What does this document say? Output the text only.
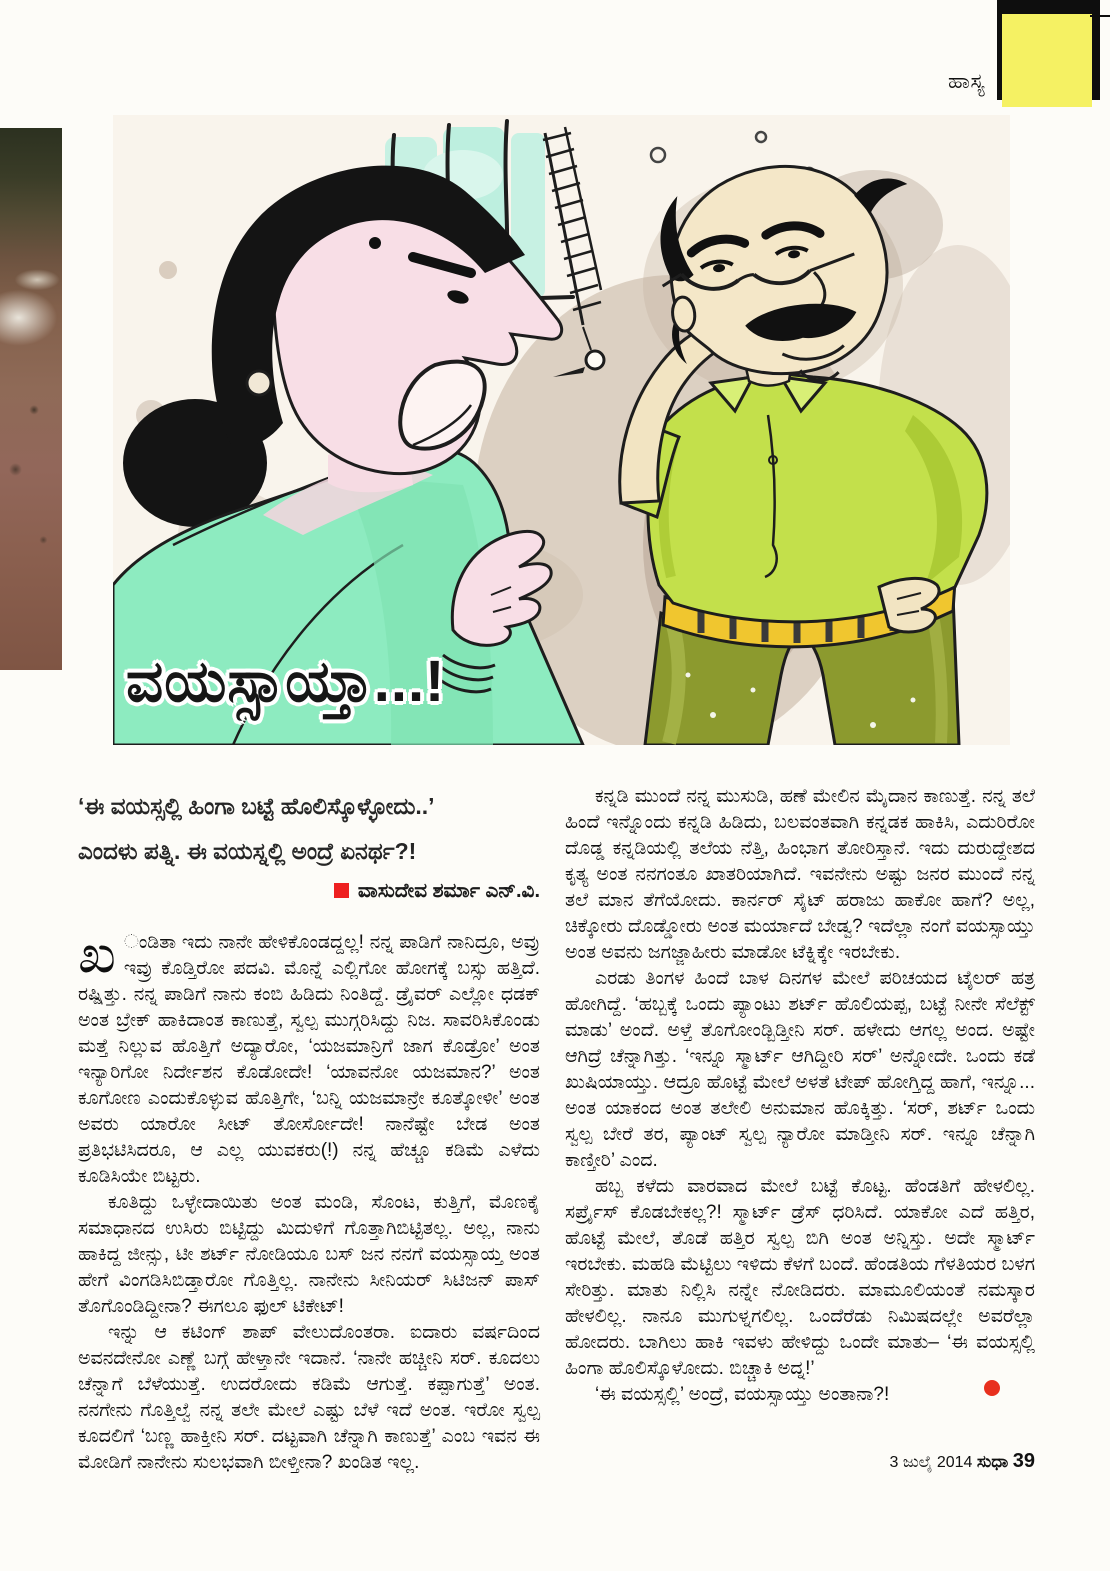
ಹಾಸ್ಯ
ವಯಸ್ಸಾಯ್ತಾ...!
‘ಈ ವಯಸ್ಸಲ್ಲಿ ಹಿಂಗಾ ಬಟ್ಟೆ ಹೊಲಿಸ್ಕೊಳ್ಳೋದು..’
ಎಂದಳು ಪತ್ನಿ. ಈ ವಯಸ್ನಲ್ಲಿ ಅಂದ್ರೆ ಏನರ್ಥ?!
ವಾಸುದೇವ ಶರ್ಮಾ ಎನ್.ವಿ.

ಖ ಂಡಿತಾ ಇದು ನಾನೇ ಹೇಳಿಕೊಂಡದ್ದಲ್ಲ! ನನ್ನ ಪಾಡಿಗೆ ನಾನಿದ್ರೂ, ಅವ್ರು ಇವ್ರು ಕೊಡ್ತಿರೋ ಪದವಿ. ಮೊನ್ನೆ ಎಲ್ಲಿಗೋ ಹೋಗಕ್ಕೆ ಬಸ್ಸು ಹತ್ತಿದೆ. ರಷ್ಷಿತ್ತು. ನನ್ನ ಪಾಡಿಗೆ ನಾನು ಕಂಬಿ ಹಿಡಿದು ನಿಂತಿದ್ದೆ. ಡ್ರೈವರ್ ಎಲ್ಲೋ ಧಡಕ್ ಅಂತ ಬ್ರೇಕ್ ಹಾಕಿದಾಂತ ಕಾಣುತ್ತೆ, ಸ್ವಲ್ಪ ಮುಗ್ಗರಿಸಿದ್ದು ನಿಜ. ಸಾವರಿಸಿಕೊಂಡು ಮತ್ತೆ ನಿಲ್ಲುವ ಹೊತ್ತಿಗೆ ಅದ್ಯಾರೋ, ‘ಯಜಮಾನ್ರಿಗೆ ಜಾಗ ಕೊಡ್ರೋ’ ಅಂತ ಇನ್ಯಾರಿಗೋ ನಿರ್ದೇಶನ ಕೊಡೋದೇ! ‘ಯಾವನೋ ಯಜಮಾನ?’ ಅಂತ ಕೂಗೋಣ ಎಂದುಕೊಳ್ಳುವ ಹೊತ್ತಿಗೇ, ‘ಬನ್ನಿ ಯಜಮಾನ್ರೇ ಕೂತ್ಕೋಳೀ’ ಅಂತ ಅವರು ಯಾರೋ ಸೀಟ್ ತೋರ್ಸೋದೇ! ನಾನೆಷ್ಟೇ ಬೇಡ ಅಂತ ಪ್ರತಿಭಟಿಸಿದರೂ, ಆ ಎಲ್ಲ ಯುವಕರು(!) ನನ್ನ ಹೆಚ್ಚೂ ಕಡಿಮೆ ಎಳೆದು ಕೂಡಿಸಿಯೇ ಬಿಟ್ಟರು.

ಕೂತಿದ್ದು ಒಳ್ಳೇದಾಯಿತು ಅಂತ ಮಂಡಿ, ಸೊಂಟ, ಕುತ್ತಿಗೆ, ಮೊಣಕೈ ಸಮಾಧಾನದ ಉಸಿರು ಬಿಟ್ಟಿದ್ದು ಮಿದುಳಿಗೆ ಗೊತ್ತಾಗಿಬಿಟ್ಟಿತಲ್ಲ. ಅಲ್ಲ, ನಾನು ಹಾಕಿದ್ದ ಜೀನ್ಸು, ಟೀ ಶರ್ಟ್ ನೋಡಿಯೂ ಬಸ್ ಜನ ನನಗೆ ವಯಸ್ಸಾಯ್ತ ಅಂತ ಹೇಗೆ ವಿಂಗಡಿಸಿಬಿಡ್ತಾರೋ ಗೊತ್ತಿಲ್ಲ. ನಾನೇನು ಸೀನಿಯರ್ ಸಿಟಿಜನ್ ಪಾಸ್ ತೊಗೊಂಡಿದ್ದೀನಾ? ಈಗಲೂ ಫುಲ್ ಟಿಕೇಟ್!

ಇನ್ನು ಆ ಕಟಿಂಗ್ ಶಾಪ್ ವೇಲುದೊಂತರಾ. ಐದಾರು ವರ್ಷದಿಂದ ಅವನದೇನೋ ಎಣ್ಣೆ ಬಗ್ಗೆ ಹೇಳ್ತಾನೇ ಇದಾನೆ. ‘ನಾನೇ ಹಚ್ಚೀನಿ ಸರ್. ಕೂದಲು ಚೆನ್ನಾಗೆ ಬೆಳೆಯುತ್ತೆ. ಉದರೋದು ಕಡಿಮೆ ಆಗುತ್ತೆ. ಕಪ್ಪಾಗುತ್ತೆ’ ಅಂತ. ನನಗೇನು ಗೊತ್ತಿಲ್ವೆ ನನ್ನ ತಲೇ ಮೇಲೆ ಎಷ್ಟು ಬೆಳೆ ಇದೆ ಅಂತ. ಇರೋ ಸ್ವಲ್ಪ ಕೂದಲಿಗೆ ‘ಬಣ್ಣ ಹಾಕ್ತೀನಿ ಸರ್. ದಟ್ಟವಾಗಿ ಚೆನ್ನಾಗಿ ಕಾಣುತ್ತೆ’ ಎಂಬ ಇವನ ಈ ಮೋಡಿಗೆ ನಾನೇನು ಸುಲಭವಾಗಿ ಬೀಳ್ತೀನಾ? ಖಂಡಿತ ಇಲ್ಲ.

ಕನ್ನಡಿ ಮುಂದೆ ನನ್ನ ಮುಸುಡಿ, ಹಣೆ ಮೇಲಿನ ಮೈದಾನ ಕಾಣುತ್ತೆ. ನನ್ನ ತಲೆ ಹಿಂದೆ ಇನ್ನೊಂದು ಕನ್ನಡಿ ಹಿಡಿದು, ಬಲವಂತವಾಗಿ ಕನ್ನಡಕ ಹಾಕಿಸಿ, ಎದುರಿರೋ ದೊಡ್ಡ ಕನ್ನಡಿಯಲ್ಲಿ ತಲೆಯ ನೆತ್ತಿ, ಹಿಂಭಾಗ ತೋರಿಸ್ತಾನೆ. ಇದು ದುರುದ್ದೇಶದ ಕೃತ್ಯ ಅಂತ ನನಗಂತೂ ಖಾತರಿಯಾಗಿದೆ. ಇವನೇನು ಅಷ್ಟು ಜನರ ಮುಂದೆ ನನ್ನ ತಲೆ ಮಾನ ತೆಗೆಯೋದು. ಕಾರ್ನರ್ ಸೈಟ್ ಹರಾಜು ಹಾಕೋ ಹಾಗೆ? ಅಲ್ಲ, ಚಿಕ್ಕೋರು ದೊಡ್ಡೋರು ಅಂತ ಮರ್ಯಾದೆ ಬೇಡ್ವ? ಇದೆಲ್ಲಾ ನಂಗೆ ವಯಸ್ಸಾಯ್ತು ಅಂತ ಅವನು ಜಗಜ್ಜಾಹೀರು ಮಾಡೋ ಟೆಕ್ನಿಕ್ಕೇ ಇರಬೇಕು.

ಎರಡು ತಿಂಗಳ ಹಿಂದೆ ಬಾಳ ದಿನಗಳ ಮೇಲೆ ಪರಿಚಯದ ಟೈಲರ್ ಹತ್ರ ಹೋಗಿದ್ದೆ. ‘ಹಬ್ಬಕ್ಕೆ ಒಂದು ಪ್ಯಾಂಟು ಶರ್ಟ್ ಹೊಲಿಯಪ್ಪ, ಬಟ್ಟೆ ನೀನೇ ಸೆಲೆಕ್ಟ್ ಮಾಡು’ ಅಂದೆ. ಅಳ್ತೆ ತೊಗೋಂಡ್ಬಿಡ್ತೀನಿ ಸರ್. ಹಳೇದು ಆಗಲ್ಲ ಅಂದ. ಅಷ್ಟೇ ಆಗಿದ್ರೆ ಚೆನ್ನಾಗಿತ್ತು. ‘ಇನ್ನೂ ಸ್ಮಾರ್ಟ್ ಆಗಿದ್ದೀರಿ ಸರ್’ ಅನ್ನೋದೇ. ಒಂದು ಕಡೆ ಖುಷಿಯಾಯ್ತು. ಆದ್ರೂ ಹೊಟ್ಟೆ ಮೇಲೆ ಅಳತೆ ಟೇಪ್ ಹೋಗ್ತಿದ್ದ ಹಾಗೆ, ಇನ್ನೂ... ಅಂತ ಯಾಕಂದ ಅಂತ ತಲೇಲಿ ಅನುಮಾನ ಹೊಕ್ಕಿತ್ತು. ‘ಸರ್, ಶರ್ಟ್ ಒಂದು ಸ್ವಲ್ಪ ಬೇರೆ ತರ, ಪ್ಯಾಂಟ್ ಸ್ವಲ್ಪ ನ್ಯಾರೋ ಮಾಡ್ತೀನಿ ಸರ್. ಇನ್ನೂ ಚೆನ್ನಾಗಿ ಕಾಣ್ತೀರಿ’ ಎಂದ.

ಹಬ್ಬ ಕಳೆದು ವಾರವಾದ ಮೇಲೆ ಬಟ್ಟೆ ಕೊಟ್ಟ. ಹೆಂಡತಿಗೆ ಹೇಳಲಿಲ್ಲ. ಸರ್ಪ್ರೈಸ್ ಕೊಡಬೇಕಲ್ಲ?! ಸ್ಮಾರ್ಟ್ ಡ್ರೆಸ್ ಧರಿಸಿದೆ. ಯಾಕೋ ಎದೆ ಹತ್ತಿರ, ಹೊಟ್ಟೆ ಮೇಲೆ, ತೊಡೆ ಹತ್ತಿರ ಸ್ವಲ್ಪ ಬಿಗಿ ಅಂತ ಅನ್ನಿಸ್ತು. ಅದೇ ಸ್ಮಾರ್ಟ್ ಇರಬೇಕು. ಮಹಡಿ ಮೆಟ್ಟಿಲು ಇಳಿದು ಕೆಳಗೆ ಬಂದೆ. ಹೆಂಡತಿಯ ಗೆಳತಿಯರ ಬಳಗ ಸೇರಿತ್ತು. ಮಾತು ನಿಲ್ಲಿಸಿ ನನ್ನೇ ನೋಡಿದರು. ಮಾಮೂಲಿಯಂತೆ ನಮಸ್ಕಾರ ಹೇಳಲಿಲ್ಲ. ನಾನೂ ಮುಗುಳ್ನಗಲಿಲ್ಲ. ಒಂದೆರೆಡು ನಿಮಿಷದಲ್ಲೇ ಅವರೆಲ್ಲಾ ಹೋದರು. ಬಾಗಿಲು ಹಾಕಿ ಇವಳು ಹೇಳಿದ್ದು ಒಂದೇ ಮಾತು– ‘ಈ ವಯಸ್ಸಲ್ಲಿ ಹಿಂಗಾ ಹೊಲಿಸ್ಕೊಳೋದು. ಬಿಚ್ಚಾಕಿ ಅದ್ನ!’

‘ಈ ವಯಸ್ಸಲ್ಲಿ’ ಅಂದ್ರೆ, ವಯಸ್ಸಾಯ್ತು ಅಂತಾನಾ?!

3 ಜುಲೈ 2014 ಸುಧಾ 39
